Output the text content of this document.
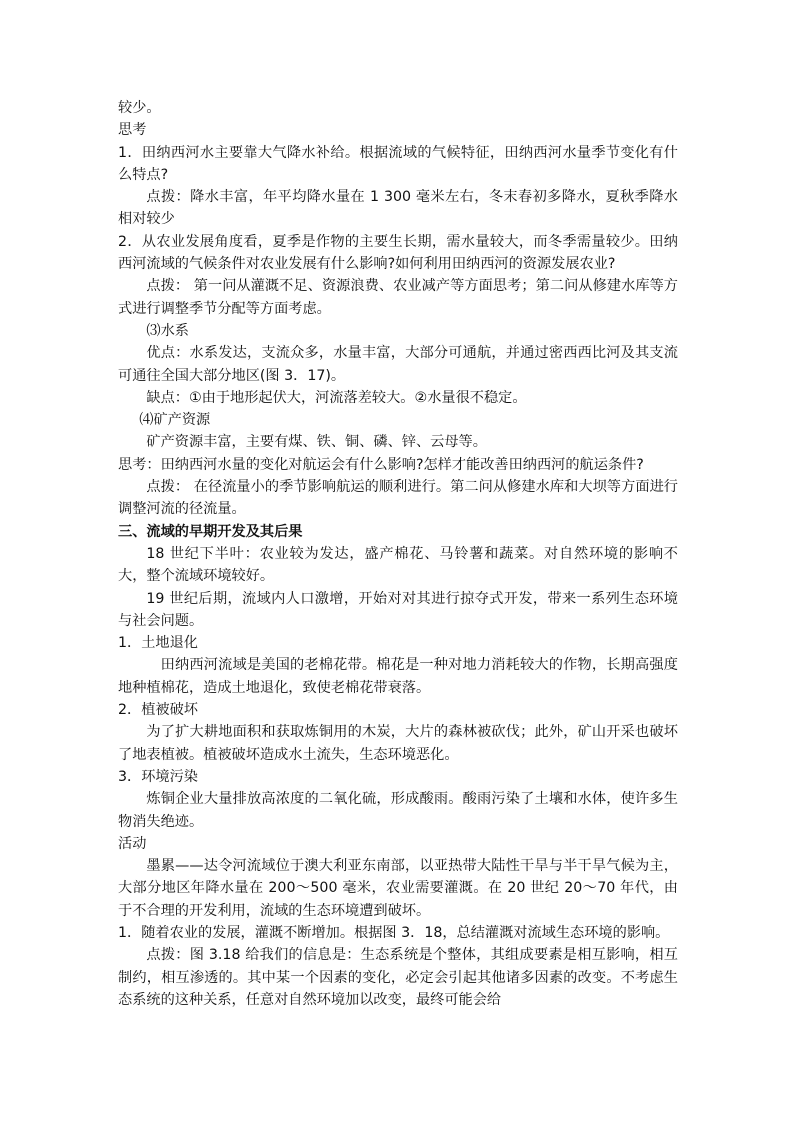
较少。

思考

1．田纳西河水主要靠大气降水补给。根据流域的气候特征，田纳西河水量季节变化有什么特点?

点拨：降水丰富，年平均降水量在 1 300 毫米左右，冬末春初多降水，夏秋季降水相对较少

2．从农业发展角度看，夏季是作物的主要生长期，需水量较大，而冬季需量较少。田纳西河流域的气候条件对农业发展有什么影响?如何利用田纳西河的资源发展农业?

点拨： 第一问从灌溉不足、资源浪费、农业减产等方面思考；第二问从修建水库等方式进行调整季节分配等方面考虑。

⑶水系

优点：水系发达，支流众多，水量丰富，大部分可通航，并通过密西西比河及其支流可通往全国大部分地区(图 3．17)。

缺点：①由于地形起伏大，河流落差较大。②水量很不稳定。

⑷矿产资源

矿产资源丰富，主要有煤、铁、铜、磷、锌、云母等。

思考：田纳西河水量的变化对航运会有什么影响?怎样才能改善田纳西河的航运条件?

点拨： 在径流量小的季节影响航运的顺利进行。第二问从修建水库和大坝等方面进行调整河流的径流量。

三、流域的早期开发及其后果

18 世纪下半叶：农业较为发达，盛产棉花、马铃薯和蔬菜。对自然环境的影响不大，整个流域环境较好。

19 世纪后期，流域内人口激增，开始对对其进行掠夺式开发，带来一系列生态环境与社会问题。

1．土地退化

田纳西河流域是美国的老棉花带。棉花是一种对地力消耗较大的作物，长期高强度地种植棉花，造成土地退化，致使老棉花带衰落。

2．植被破坏

为了扩大耕地面积和获取炼铜用的木炭，大片的森林被砍伐；此外，矿山开采也破坏了地表植被。植被破坏造成水土流失，生态环境恶化。

3．环境污染

炼铜企业大量排放高浓度的二氧化硫，形成酸雨。酸雨污染了土壤和水体，使许多生物消失绝迹。

活动

墨累——达令河流域位于澳大利亚东南部，以亚热带大陆性干旱与半干旱气候为主，大部分地区年降水量在 200～500 毫米，农业需要灌溉。在 20 世纪 20～70 年代，由于不合理的开发利用，流域的生态环境遭到破坏。

1．随着农业的发展，灌溉不断增加。根据图 3．18，总结灌溉对流域生态环境的影响。

点拨：图 3.18 给我们的信息是：生态系统是个整体，其组成要素是相互影响，相互制约，相互渗透的。其中某一个因素的变化，必定会引起其他诸多因素的改变。不考虑生态系统的这种关系，任意对自然环境加以改变，最终可能会给
